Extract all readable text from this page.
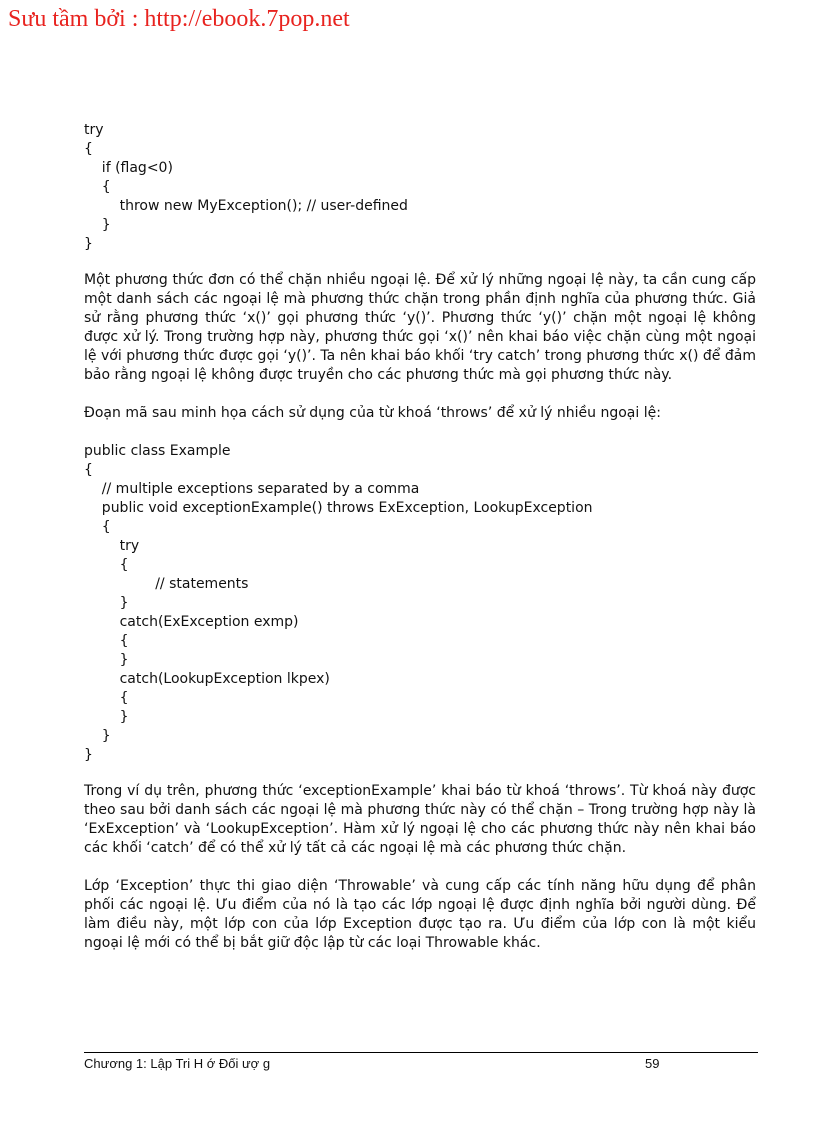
Sưu tầm bởi : http://ebook.7pop.net
try
{
if (flag<0)
{
throw new MyException(); // user-defined
}
}

Một phương thức đơn có thể chặn nhiều ngoại lệ. Để xử lý những ngoại lệ này, ta cần cung cấp một danh sách các ngoại lệ mà phương thức chặn trong phần định nghĩa của phương thức. Giả sử rằng phương thức ‘x()’ gọi phương thức ‘y()’. Phương thức ‘y()’ chặn một ngoại lệ không được xử lý. Trong trường hợp này, phương thức gọi ‘x()’ nên khai báo việc chặn cùng một ngoại lệ với phương thức được gọi ‘y()’. Ta nên khai báo khối ‘try catch’ trong phương thức x() để đảm bảo rằng ngoại lệ không được truyền cho các phương thức mà gọi phương thức này.

Đoạn mã sau minh họa cách sử dụng của từ khoá ‘throws’ để xử lý nhiều ngoại lệ:

public class Example
{
// multiple exceptions separated by a comma
public void exceptionExample() throws ExException, LookupException
{
try
{
// statements
}
catch(ExException exmp)
{
}
catch(LookupException lkpex)
{
}
}
}

Trong ví dụ trên, phương thức ‘exceptionExample’ khai báo từ khoá ‘throws’. Từ khoá này được theo sau bởi danh sách các ngoại lệ mà phương thức này có thể chặn – Trong trường hợp này là ‘ExException’ và ‘LookupException’. Hàm xử lý ngoại lệ cho các phương thức này nên khai báo các khối ‘catch’ để có thể xử lý tất cả các ngoại lệ mà các phương thức chặn.

Lớp ‘Exception’ thực thi giao diện ‘Throwable’ và cung cấp các tính năng hữu dụng để phân phối các ngoại lệ. Ưu điểm của nó là tạo các lớp ngoại lệ được định nghĩa bởi người dùng. Để làm điều này, một lớp con của lớp Exception được tạo ra. Ưu điểm của lớp con là một kiểu ngoại lệ mới có thể bị bắt giữ độc lập từ các loại Throwable khác.

Chương 1: Lập Tri H ớ Đối ượ g	59
